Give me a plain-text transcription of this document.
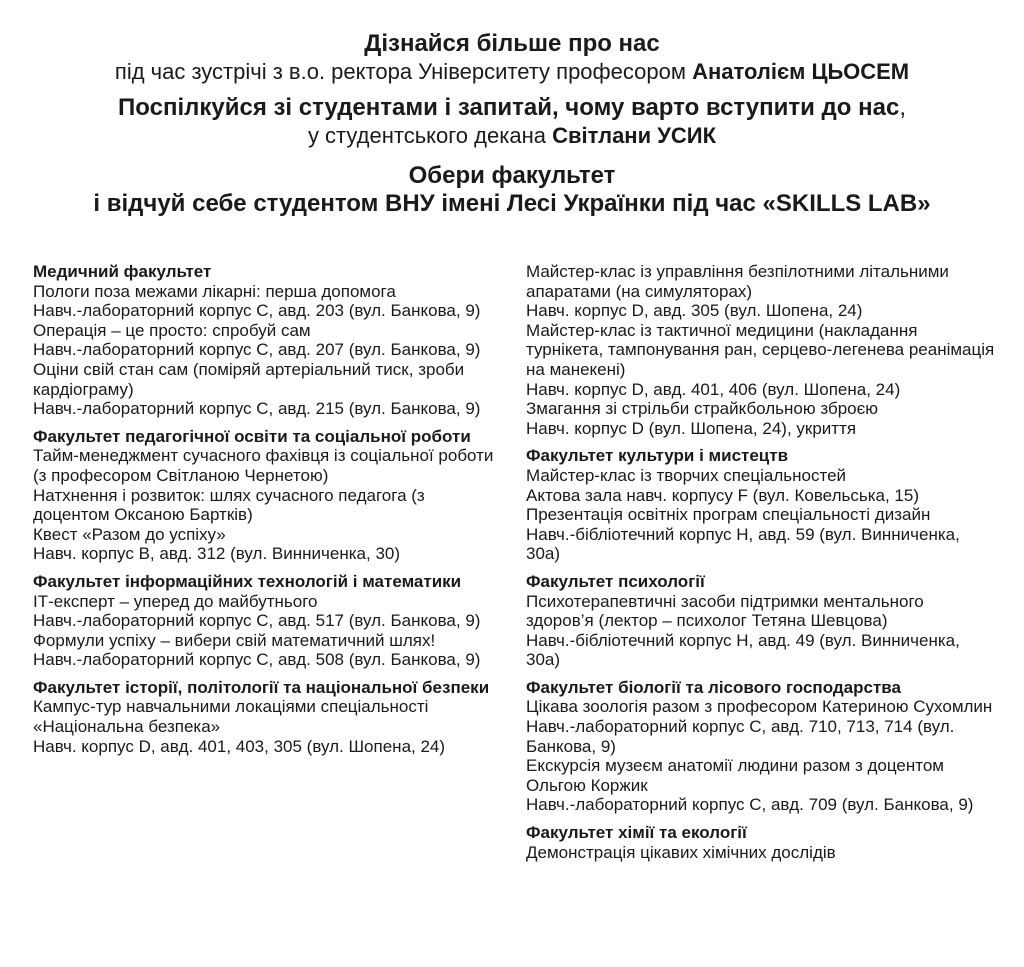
Дізнайся більше про нас
під час зустрічі з в.о. ректора Університету професором Анатолієм ЦЬОСЕМ
Поспілкуйся зі студентами і запитай, чому варто вступити до нас,
у студентського декана Світлани УСИК
Обери факультет
і відчуй себе студентом ВНУ імені Лесі Українки під час «SKILLS LAB»
Медичний факультет
Пологи поза межами лікарні: перша допомога
Навч.-лабораторний корпус С, авд. 203 (вул. Банкова, 9)
Операція – це просто: спробуй сам
Навч.-лабораторний корпус С, авд. 207 (вул. Банкова, 9)
Оціни свій стан сам (поміряй артеріальний тиск, зроби кардіограму)
Навч.-лабораторний корпус С, авд. 215 (вул. Банкова, 9)
Факультет педагогічної освіти та соціальної роботи
Тайм-менеджмент сучасного фахівця із соціальної роботи (з професором Світланою Чернетою)
Натхнення і розвиток: шлях сучасного педагога (з доцентом Оксаною Бартків)
Квест «Разом до успіху»
Навч. корпус В, авд. 312 (вул. Винниченка, 30)
Факультет інформаційних технологій і математики
ІТ-експерт – уперед до майбутнього
Навч.-лабораторний корпус С, авд. 517 (вул. Банкова, 9)
Формули успіху – вибери свій математичний шлях!
Навч.-лабораторний корпус С, авд. 508 (вул. Банкова, 9)
Факультет історії, політології та національної безпеки
Кампус-тур навчальними локаціями спеціальності «Національна безпека»
Навч. корпус D, авд. 401, 403, 305 (вул. Шопена, 24)
Майстер-клас із управління безпілотними літальними апаратами (на симуляторах)
Навч. корпус D, авд. 305 (вул. Шопена, 24)
Майстер-клас із тактичної медицини (накладання турнікета, тампонування ран, серцево-легенева реанімація на манекені)
Навч. корпус D, авд. 401, 406 (вул. Шопена, 24)
Змагання зі стрільби страйкбольною зброєю
Навч. корпус D (вул. Шопена, 24), укриття
Факультет культури і мистецтв
Майстер-клас із творчих спеціальностей
Актова зала навч. корпусу F (вул. Ковельська, 15)
Презентація освітніх програм спеціальності дизайн
Навч.-бібліотечний корпус Н, авд. 59 (вул. Винниченка, 30а)
Факультет психології
Психотерапевтичні засоби підтримки ментального здоров’я (лектор – психолог Тетяна Шевцова)
Навч.-бібліотечний корпус Н, авд. 49 (вул. Винниченка, 30а)
Факультет біології та лісового господарства
Цікава зоологія разом з професором Катериною Сухомлин
Навч.-лабораторний корпус С, авд. 710, 713, 714 (вул. Банкова, 9)
Екскурсія музеєм анатомії людини разом з доцентом Ольгою Коржик
Навч.-лабораторний корпус С, авд. 709 (вул. Банкова, 9)
Факультет хімії та екології
Демонстрація цікавих хімічних дослідів
